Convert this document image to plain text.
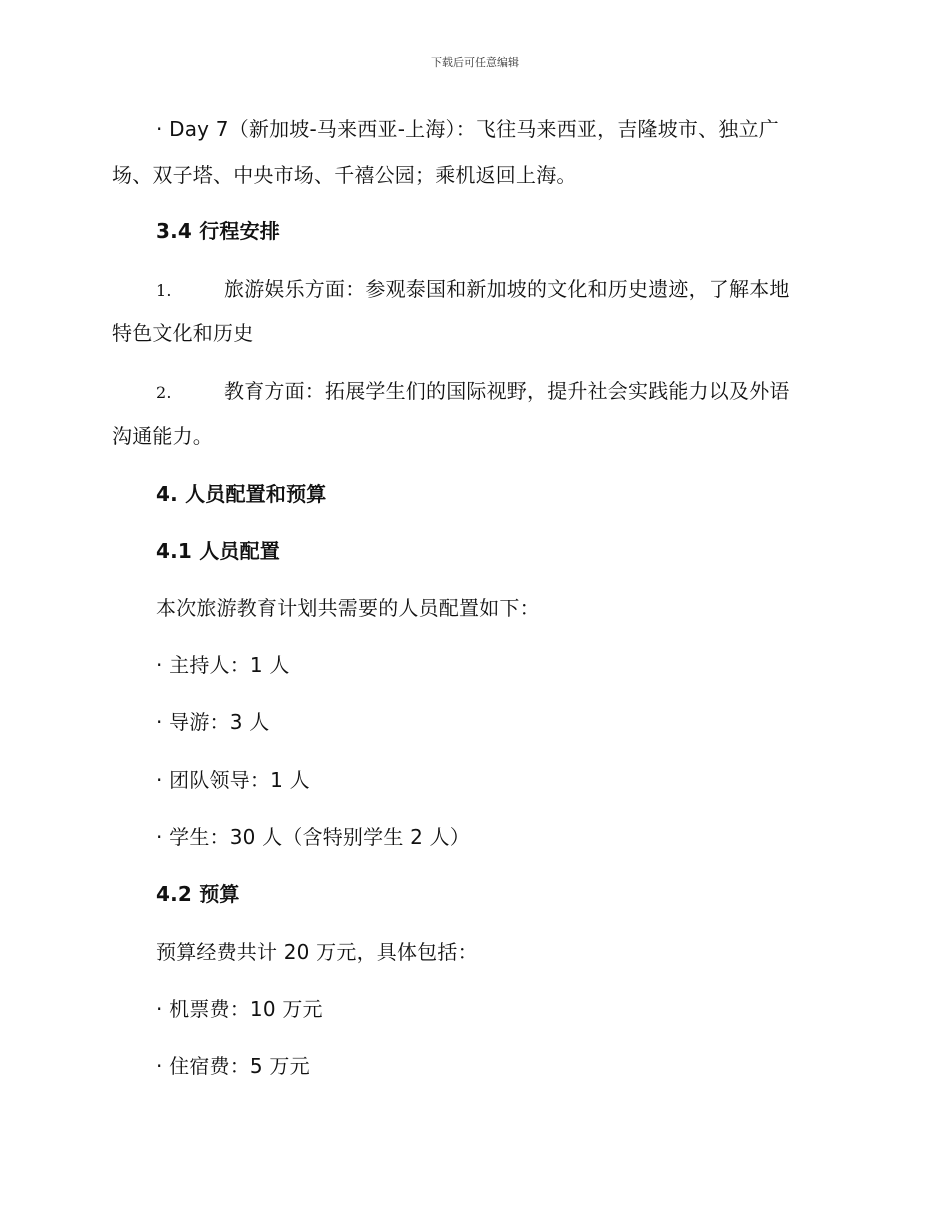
下载后可任意编辑
· Day 7（新加坡-马来西亚-上海）：飞往马来西亚，吉隆坡市、独立广
场、双子塔、中央市场、千禧公园；乘机返回上海。
3.4 行程安排
1.	旅游娱乐方面：参观泰国和新加坡的文化和历史遗迹，了解本地
特色文化和历史
2.	教育方面：拓展学生们的国际视野，提升社会实践能力以及外语
沟通能力。
4. 人员配置和预算
4.1 人员配置
本次旅游教育计划共需要的人员配置如下：
· 主持人：1 人
· 导游：3 人
· 团队领导：1 人
· 学生：30 人（含特别学生 2 人）
4.2 预算
预算经费共计 20 万元，具体包括：
· 机票费：10 万元
· 住宿费：5 万元
